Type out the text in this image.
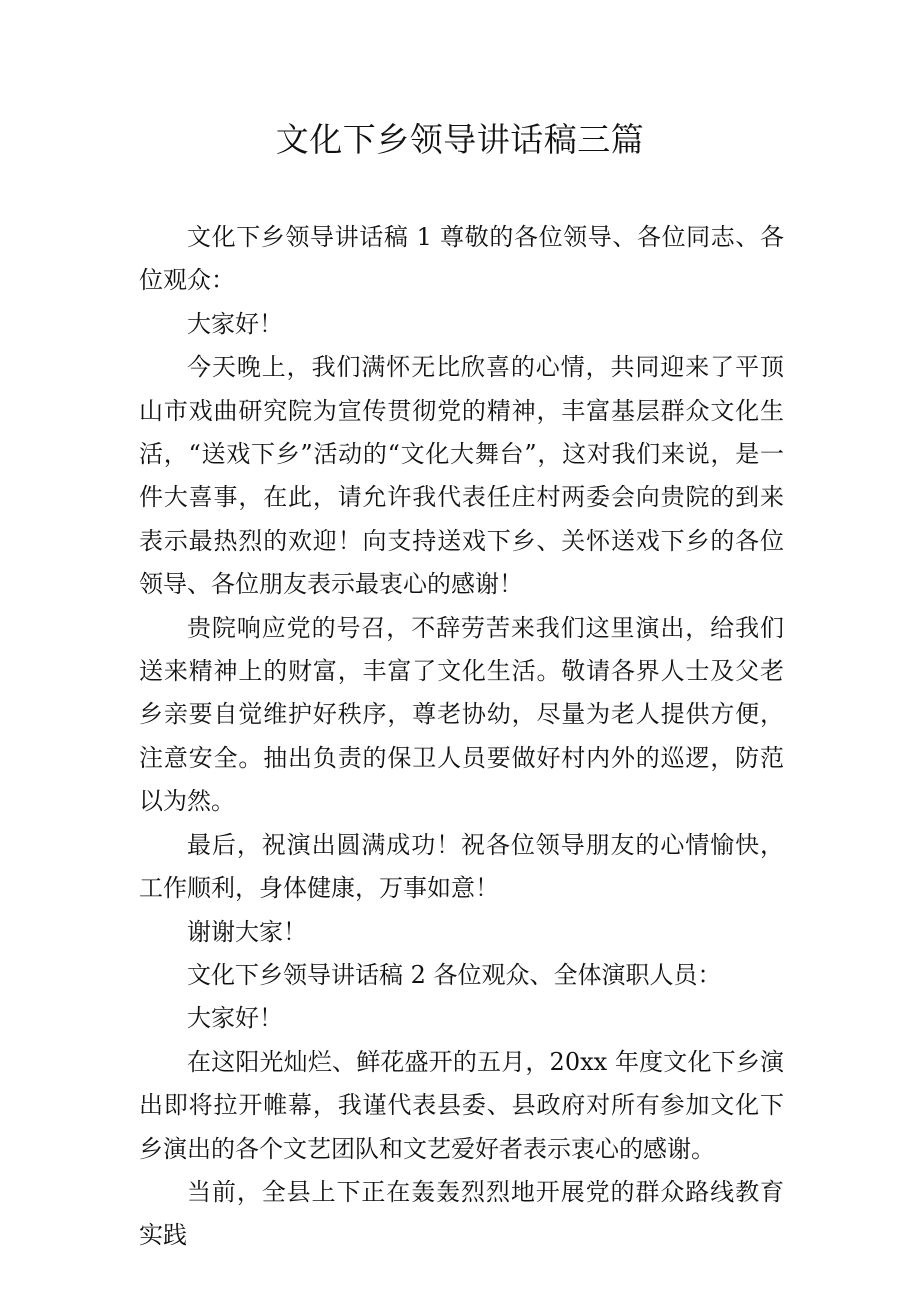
文化下乡领导讲话稿三篇

文化下乡领导讲话稿 1 尊敬的各位领导、各位同志、各位观众：

大家好！

今天晚上，我们满怀无比欣喜的心情，共同迎来了平顶山市戏曲研究院为宣传贯彻党的精神，丰富基层群众文化生活，“送戏下乡”活动的“文化大舞台”，这对我们来说，是一件大喜事，在此，请允许我代表任庄村两委会向贵院的到来表示最热烈的欢迎！向支持送戏下乡、关怀送戏下乡的各位领导、各位朋友表示最衷心的感谢！

贵院响应党的号召，不辞劳苦来我们这里演出，给我们送来精神上的财富，丰富了文化生活。敬请各界人士及父老乡亲要自觉维护好秩序，尊老协幼，尽量为老人提供方便，注意安全。抽出负责的保卫人员要做好村内外的巡逻，防范以为然。

最后，祝演出圆满成功！祝各位领导朋友的心情愉快，工作顺利，身体健康，万事如意！

谢谢大家！

文化下乡领导讲话稿 2 各位观众、全体演职人员：

大家好！

在这阳光灿烂、鲜花盛开的五月，20xx 年度文化下乡演出即将拉开帷幕，我谨代表县委、县政府对所有参加文化下乡演出的各个文艺团队和文艺爱好者表示衷心的感谢。

当前，全县上下正在轰轰烈烈地开展党的群众路线教育实践
